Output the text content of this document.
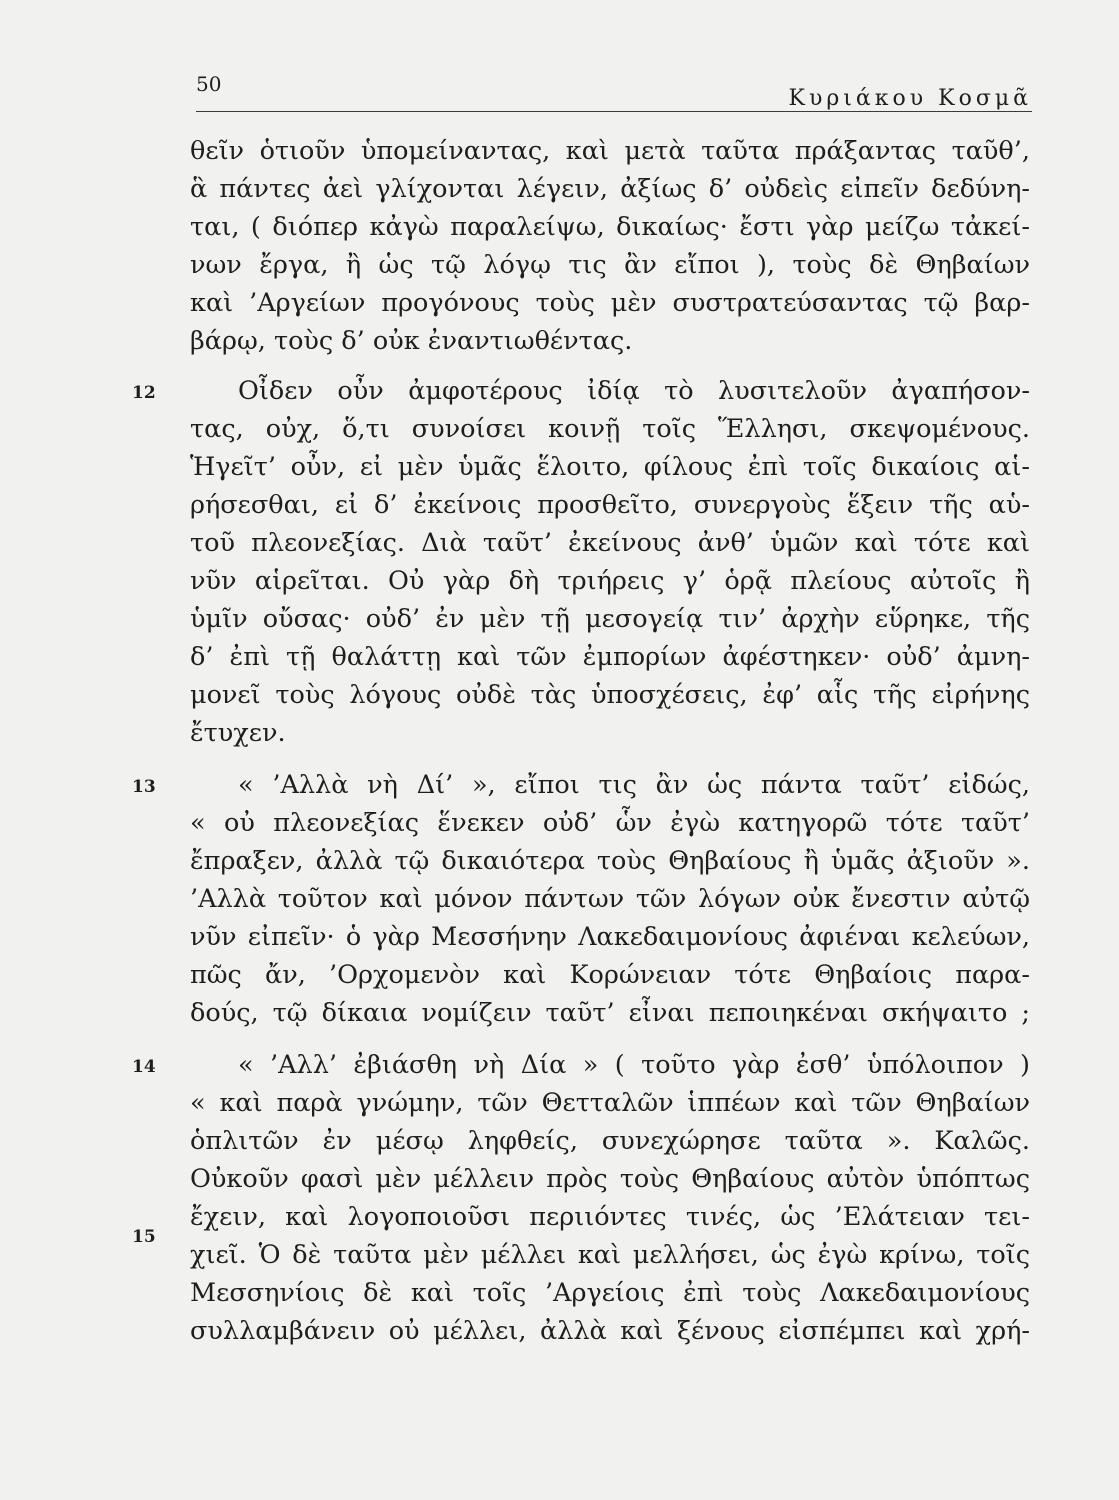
50
Κυριάκου Κοσμᾶ
12
13
14
15
θεῖν ὁτιοῦν ὑπομείναντας, καὶ μετὰ ταῦτα πράξαντας ταῦθ’,
ἃ πάντες ἀεὶ γλίχονται λέγειν, ἀξίως δ’ οὐδεὶς εἰπεῖν δεδύνη-
ται, ( διόπερ κἀγὼ παραλείψω, δικαίως· ἔστι γὰρ μείζω τἀκεί-
νων ἔργα, ἢ ὡς τῷ λόγῳ τις ἂν εἴποι ), τοὺς δὲ Θηβαίων
καὶ ’Αργείων προγόνους τοὺς μὲν συστρατεύσαντας τῷ βαρ-
βάρῳ, τοὺς δ’ οὐκ ἐναντιωθέντας.
Οἶδεν οὖν ἀμφοτέρους ἰδίᾳ τὸ λυσιτελοῦν ἀγαπήσον-
τας, οὐχ, ὅ,τι συνοίσει κοινῇ τοῖς Ἕλλησι, σκεψομένους.
Ἡγεῖτ’ οὖν, εἰ μὲν ὑμᾶς ἕλοιτο, φίλους ἐπὶ τοῖς δικαίοις αἱ-
ρήσεσθαι, εἰ δ’ ἐκείνοις προσθεῖτο, συνεργοὺς ἕξειν τῆς αὑ-
τοῦ πλεονεξίας. Διὰ ταῦτ’ ἐκείνους ἀνθ’ ὑμῶν καὶ τότε καὶ
νῦν αἱρεῖται. Οὐ γὰρ δὴ τριήρεις γ’ ὁρᾷ πλείους αὐτοῖς ἢ
ὑμῖν οὔσας· οὐδ’ ἐν μὲν τῇ μεσογείᾳ τιν’ ἀρχὴν εὕρηκε, τῆς
δ’ ἐπὶ τῇ θαλάττῃ καὶ τῶν ἐμπορίων ἀφέστηκεν· οὐδ’ ἀμνη-
μονεῖ τοὺς λόγους οὐδὲ τὰς ὑποσχέσεις, ἐφ’ αἷς τῆς εἰρήνης
ἔτυχεν.
« ’Αλλὰ νὴ Δί’ », εἴποι τις ἂν ὡς πάντα ταῦτ’ εἰδώς,
« οὐ πλεονεξίας ἕνεκεν οὐδ’ ὧν ἐγὼ κατηγορῶ τότε ταῦτ’
ἔπραξεν, ἀλλὰ τῷ δικαιότερα τοὺς Θηβαίους ἢ ὑμᾶς ἀξιοῦν ».
’Αλλὰ τοῦτον καὶ μόνον πάντων τῶν λόγων οὐκ ἔνεστιν αὐτῷ
νῦν εἰπεῖν· ὁ γὰρ Μεσσήνην Λακεδαιμονίους ἀφιέναι κελεύων,
πῶς ἄν, ’Ορχομενὸν καὶ Κορώνειαν τότε Θηβαίοις παρα-
δούς, τῷ δίκαια νομίζειν ταῦτ’ εἶναι πεποιηκέναι σκήψαιτο ;
« ’Αλλ’ ἐβιάσθη νὴ Δία » ( τοῦτο γὰρ ἐσθ’ ὑπόλοιπον )
« καὶ παρὰ γνώμην, τῶν Θετταλῶν ἱππέων καὶ τῶν Θηβαίων
ὁπλιτῶν ἐν μέσῳ ληφθείς, συνεχώρησε ταῦτα ». Καλῶς.
Οὐκοῦν φασὶ μὲν μέλλειν πρὸς τοὺς Θηβαίους αὐτὸν ὑπόπτως
ἔχειν, καὶ λογοποιοῦσι περιιόντες τινές, ὡς ’Ελάτειαν τει-
χιεῖ. Ὁ δὲ ταῦτα μὲν μέλλει καὶ μελλήσει, ὡς ἐγὼ κρίνω, τοῖς
Μεσσηνίοις δὲ καὶ τοῖς ’Αργείοις ἐπὶ τοὺς Λακεδαιμονίους
συλλαμβάνειν οὐ μέλλει, ἀλλὰ καὶ ξένους εἰσπέμπει καὶ χρή-
